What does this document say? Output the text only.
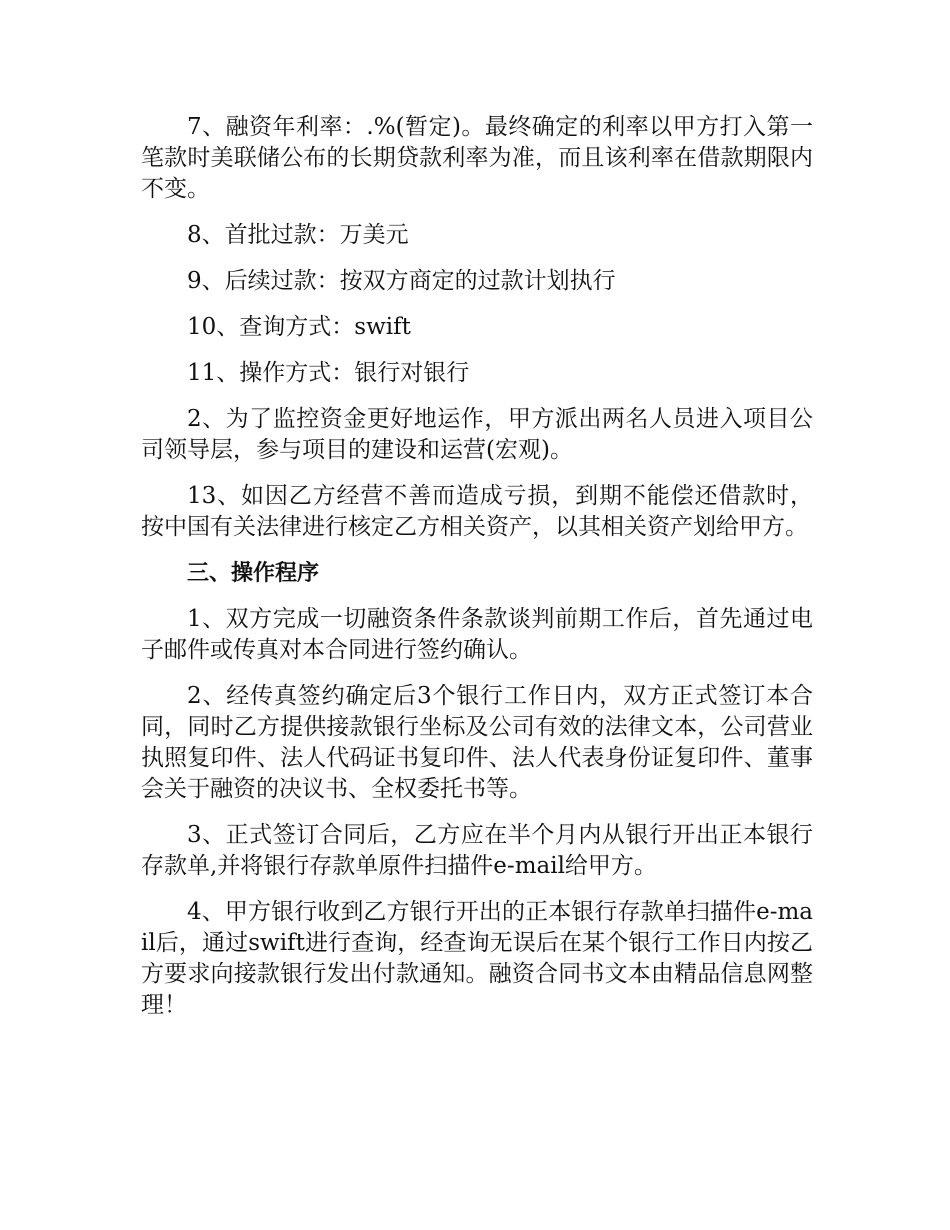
7、融资年利率：.%(暂定)。最终确定的利率以甲方打入第一笔款时美联储公布的长期贷款利率为准，而且该利率在借款期限内不变。

8、首批过款：万美元

9、后续过款：按双方商定的过款计划执行

10、查询方式：swift

11、操作方式：银行对银行

2、为了监控资金更好地运作，甲方派出两名人员进入项目公司领导层，参与项目的建设和运营(宏观)。

13、如因乙方经营不善而造成亏损，到期不能偿还借款时，按中国有关法律进行核定乙方相关资产，以其相关资产划给甲方。

三、操作程序

1、双方完成一切融资条件条款谈判前期工作后，首先通过电子邮件或传真对本合同进行签约确认。

2、经传真签约确定后3个银行工作日内，双方正式签订本合同，同时乙方提供接款银行坐标及公司有效的法律文本，公司营业执照复印件、法人代码证书复印件、法人代表身份证复印件、董事会关于融资的决议书、全权委托书等。

3、正式签订合同后，乙方应在半个月内从银行开出正本银行存款单,并将银行存款单原件扫描件e-mail给甲方。

4、甲方银行收到乙方银行开出的正本银行存款单扫描件e-mail后，通过swift进行查询，经查询无误后在某个银行工作日内按乙方要求向接款银行发出付款通知。融资合同书文本由精品信息网整理！
